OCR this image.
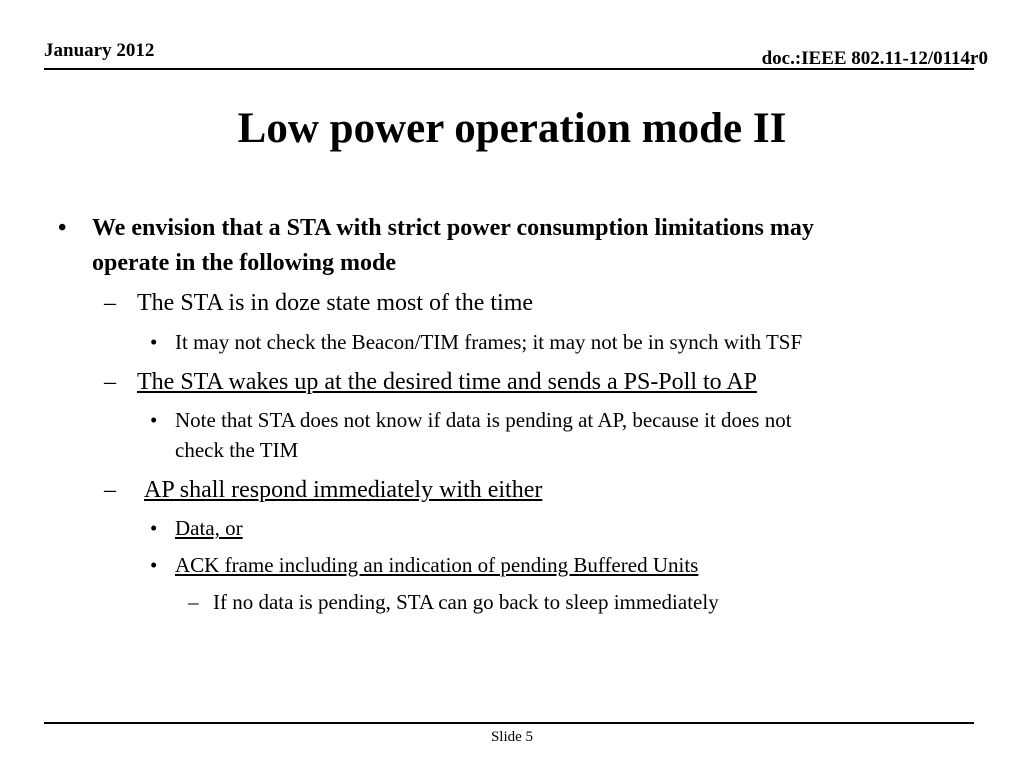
January 2012	doc.:IEEE 802.11-12/0114r0
Low power operation mode II
• We envision that a STA with strict power consumption limitations may
operate in the following mode
– The STA is in doze state most of the time
• It may not check the Beacon/TIM frames; it may not be in synch with TSF
– The STA wakes up at the desired time and sends a PS-Poll to AP
• Note that STA does not know if data is pending at AP, because it does not
check the TIM
– AP shall respond immediately with either
• Data, or
• ACK frame including an indication of pending Buffered Units
– If no data is pending, STA can go back to sleep immediately
Slide 5
